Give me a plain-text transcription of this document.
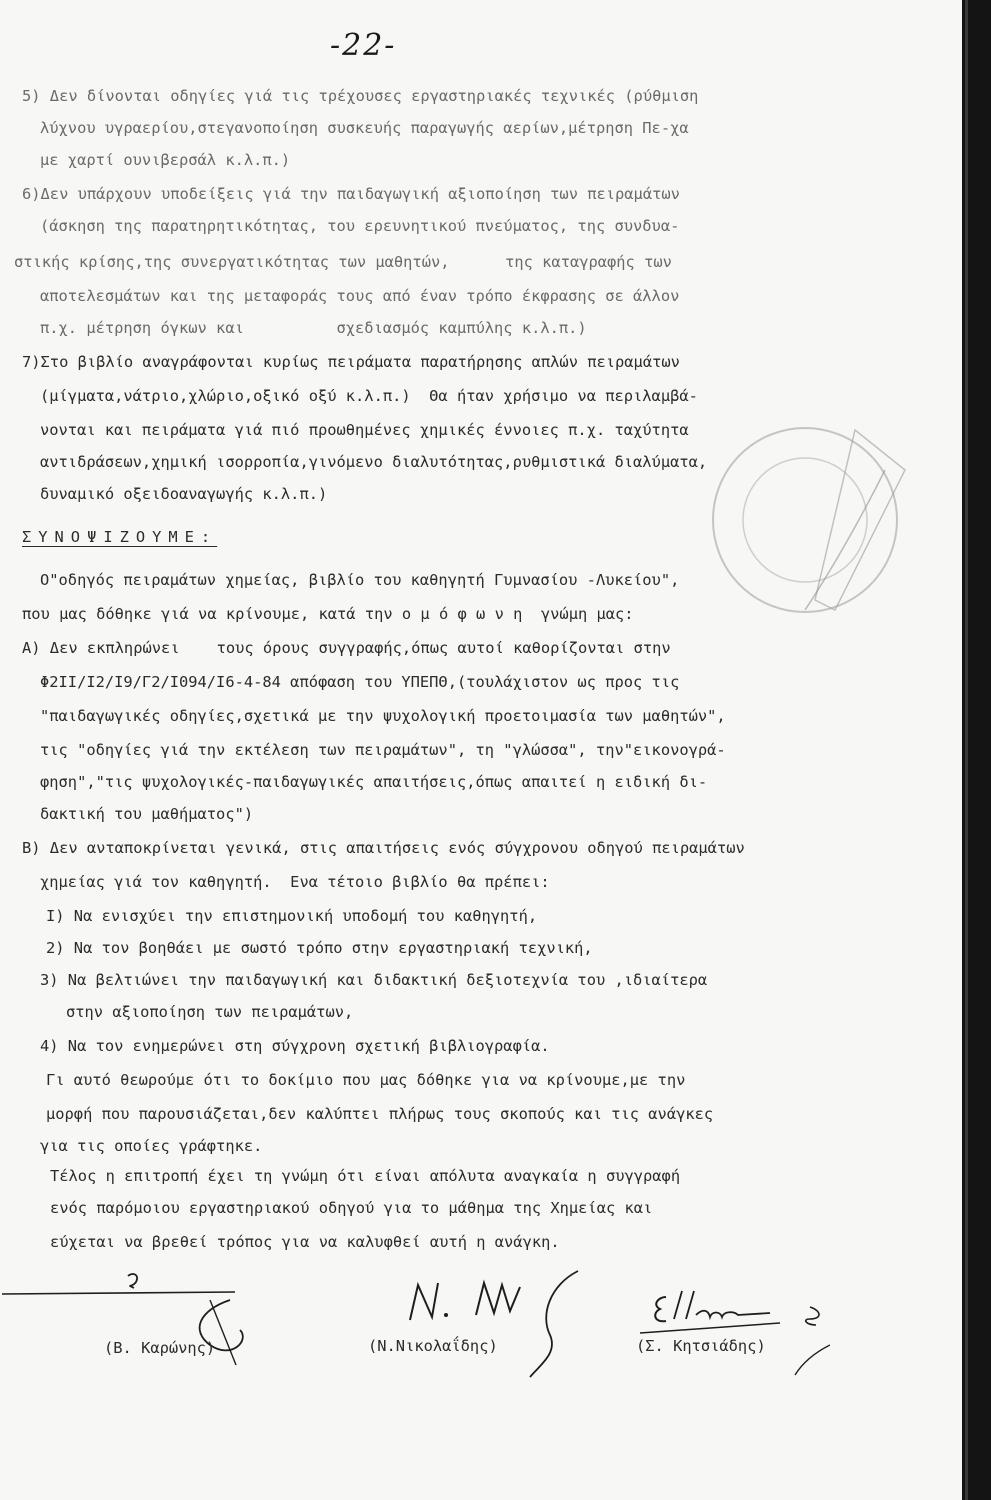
-22-
5) Δεν δίνονται οδηγίες γιά τις τρέχουσες εργαστηριακές τεχνικές (ρύθμιση
λύχνου υγραερίου,στεγανοποίηση συσκευής παραγωγής αερίων,μέτρηση Πε-χα
με χαρτί ουνιβερσάλ κ.λ.π.)
6)Δεν υπάρχουν υποδείξεις γιά την παιδαγωγική αξιοποίηση των πειραμάτων
(άσκηση της παρατηρητικότητας, του ερευνητικού πνεύματος, της συνδυα-
στικής κρίσης,της συνεργατικότητας των μαθητών,      της καταγραφής των
αποτελεσμάτων και της μεταφοράς τους από έναν τρόπο έκφρασης σε άλλον
π.χ. μέτρηση όγκων και          σχεδιασμός καμπύλης κ.λ.π.)
7)Στο βιβλίο αναγράφονται κυρίως πειράματα παρατήρησης απλών πειραμάτων
(μίγματα,νάτριο,χλώριο,οξικό οξύ κ.λ.π.)  Θα ήταν χρήσιμο να περιλαμβά-
νονται και πειράματα γιά πιό προωθημένες χημικές έννοιες π.χ. ταχύτητα
αντιδράσεων,χημική ισορροπία,γινόμενο διαλυτότητας,ρυθμιστικά διαλύματα,
δυναμικό οξειδοαναγωγής κ.λ.π.)
ΣΥΝΟΨΙΖΟΥΜΕ:
Ο"οδηγός πειραμάτων χημείας, βιβλίο του καθηγητή Γυμνασίου -Λυκείου",
που μας δόθηκε γιά να κρίνουμε, κατά την ο μ ό φ ω ν η  γνώμη μας:
Α) Δεν εκπληρώνει    τους όρους συγγραφής,όπως αυτοί καθορίζονται στην
Φ2ΙΙ/Ι2/Ι9/Γ2/Ι094/Ι6-4-84 απόφαση του ΥΠΕΠΘ,(τουλάχιστον ως προς τις
"παιδαγωγικές οδηγίες,σχετικά με την ψυχολογική προετοιμασία των μαθητών",
τις "οδηγίες γιά την εκτέλεση των πειραμάτων", τη "γλώσσα", την"εικονογρά-
φηση","τις ψυχολογικές-παιδαγωγικές απαιτήσεις,όπως απαιτεί η ειδική δι-
δακτική του μαθήματος")
Β) Δεν ανταποκρίνεται γενικά, στις απαιτήσεις ενός σύγχρονου οδηγού πειραμάτων
χημείας γιά τον καθηγητή.  Ενα τέτοιο βιβλίο θα πρέπει:
Ι) Να ενισχύει την επιστημονική υποδομή του καθηγητή,
2) Να τον βοηθάει με σωστό τρόπο στην εργαστηριακή τεχνική,
3) Να βελτιώνει την παιδαγωγική και διδακτική δεξιοτεχνία του ,ιδιαίτερα
στην αξιοποίηση των πειραμάτων,
4) Να τον ενημερώνει στη σύγχρονη σχετική βιβλιογραφία.
Γι αυτό θεωρούμε ότι το δοκίμιο που μας δόθηκε για να κρίνουμε,με την
μορφή που παρουσιάζεται,δεν καλύπτει πλήρως τους σκοπούς και τις ανάγκες
για τις οποίες γράφτηκε.
Τέλος η επιτροπή έχει τη γνώμη ότι είναι απόλυτα αναγκαία η συγγραφή
ενός παρόμοιου εργαστηριακού οδηγού για το μάθημα της Χημείας και
εύχεται να βρεθεί τρόπος για να καλυφθεί αυτή η ανάγκη.
(Β. Καρώνης)	(Ν.Νικολαΐδης)	(Σ. Κητσιάδης)
